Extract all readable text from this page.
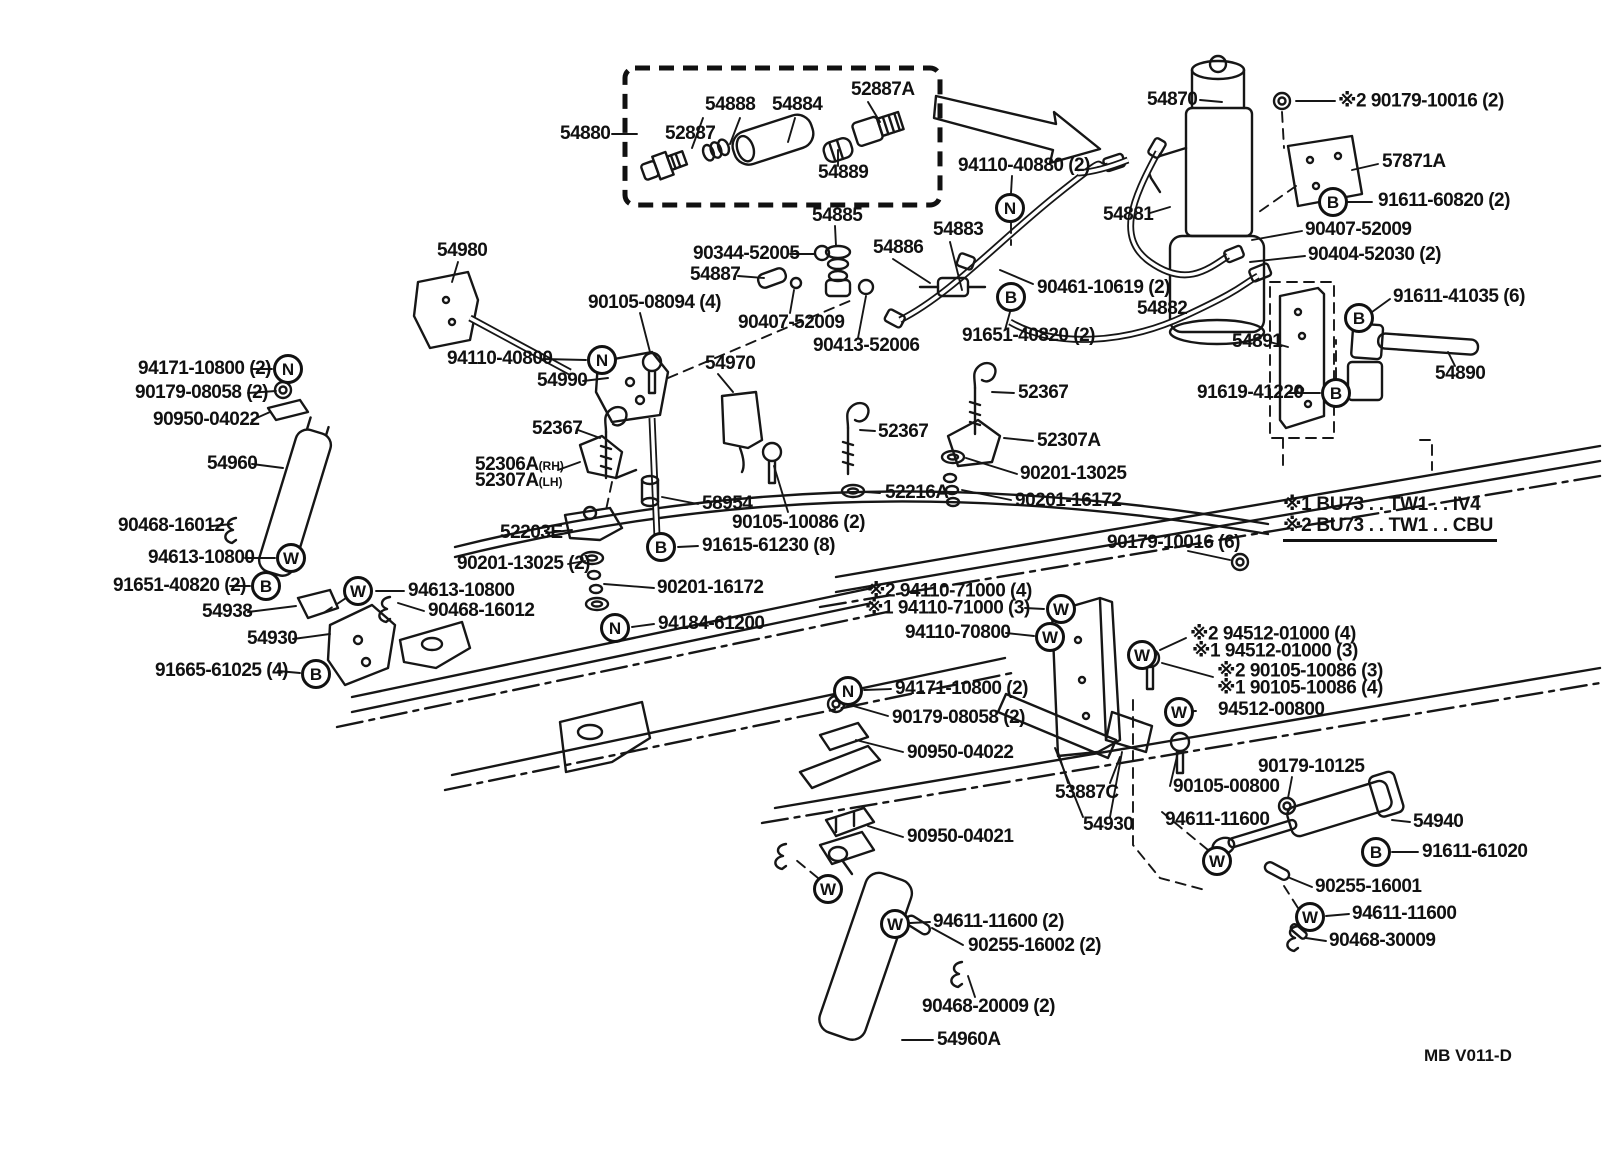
54880	52887
54888 54884
52887A
54889
54885
54870	※2 90179-10016 (2)
57871A
91611-60820 (2)
54881
90407-52009
90404-52030 (2)
94110-40880 (2)
54883
54886
90344-52005
54887
90105-08094 (4)
90407-52009
90413-52006
90461-10619 (2)
54882
91651-40820 (2)
91611-41035 (6)
54891
91619-41220
54890
54980
94110-40800
54990
54970
94171-10800 (2)
90179-08058 (2)
90950-04022
54960
52367
52306A(RH)
52307A(LH)
58954
90105-10086 (2)
52203E
90201-13025 (2)
91615-61230 (8)
90201-16172
94184-61200
90468-16012
94613-10800
91651-40820 (2)
54938
54930
91665-61025 (4)
94613-10800
90468-16012
52367
52216A
52367
52307A
90201-13025
90201-16172
90179-10016 (6)
※2 94110-71000 (4)
※1 94110-71000 (3)
94110-70800	※2 94512-01000 (4)
※1 94512-01000 (3)
※2 90105-10086 (3)
※1 90105-10086 (4)
94512-00800
94171-10800 (2)
90179-08058 (2)
90950-04022
53887C	90105-00800
90179-10125
54930 94611-11600	54940
91611-61020
90255-16001
94611-11600
90468-30009
90950-04021
94611-11600 (2)
90255-16002 (2)
90468-20009 (2)
54960A
N	N
N
N
N
B
B
B
B
B
B
B
B
W
W
W
W
W
W
W
W
W	W
※1 BU73 . . TW1 . . IV4
※2 BU73 . . TW1 . . CBU
MB V011-D
